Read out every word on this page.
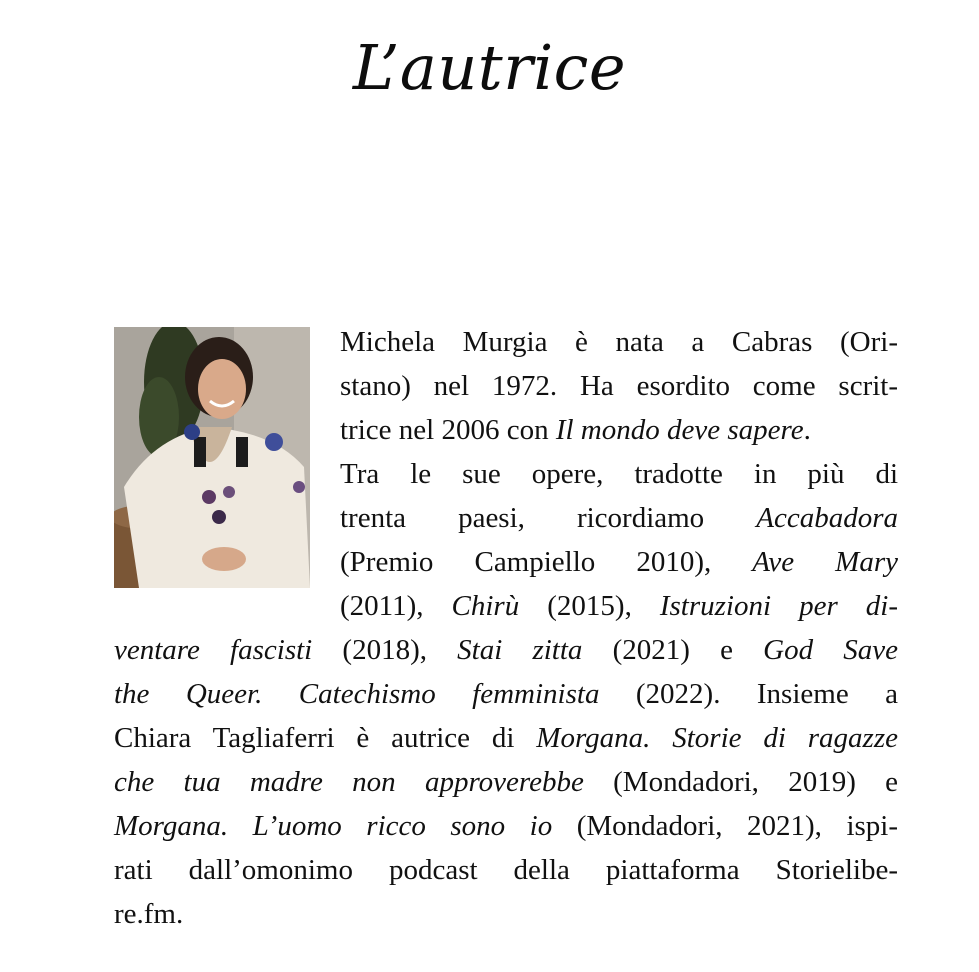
L’autrice
Michela Murgia è nata a Cabras (Ori-
stano) nel 1972. Ha esordito come scrit-
trice nel 2006 con Il mondo deve sapere.
Tra le sue opere, tradotte in più di
trenta paesi, ricordiamo Accabadora
(Premio Campiello 2010), Ave Mary
(2011), Chirù (2015), Istruzioni per di-
ventare fascisti (2018), Stai zitta (2021) e God Save
the Queer. Catechismo femminista (2022). Insieme a
Chiara Tagliaferri è autrice di Morgana. Storie di ragazze
che tua madre non approverebbe (Mondadori, 2019) e
Morgana. L’uomo ricco sono io (Mondadori, 2021), ispi-
rati dall’omonimo podcast della piattaforma Storielibe-
re.fm.
